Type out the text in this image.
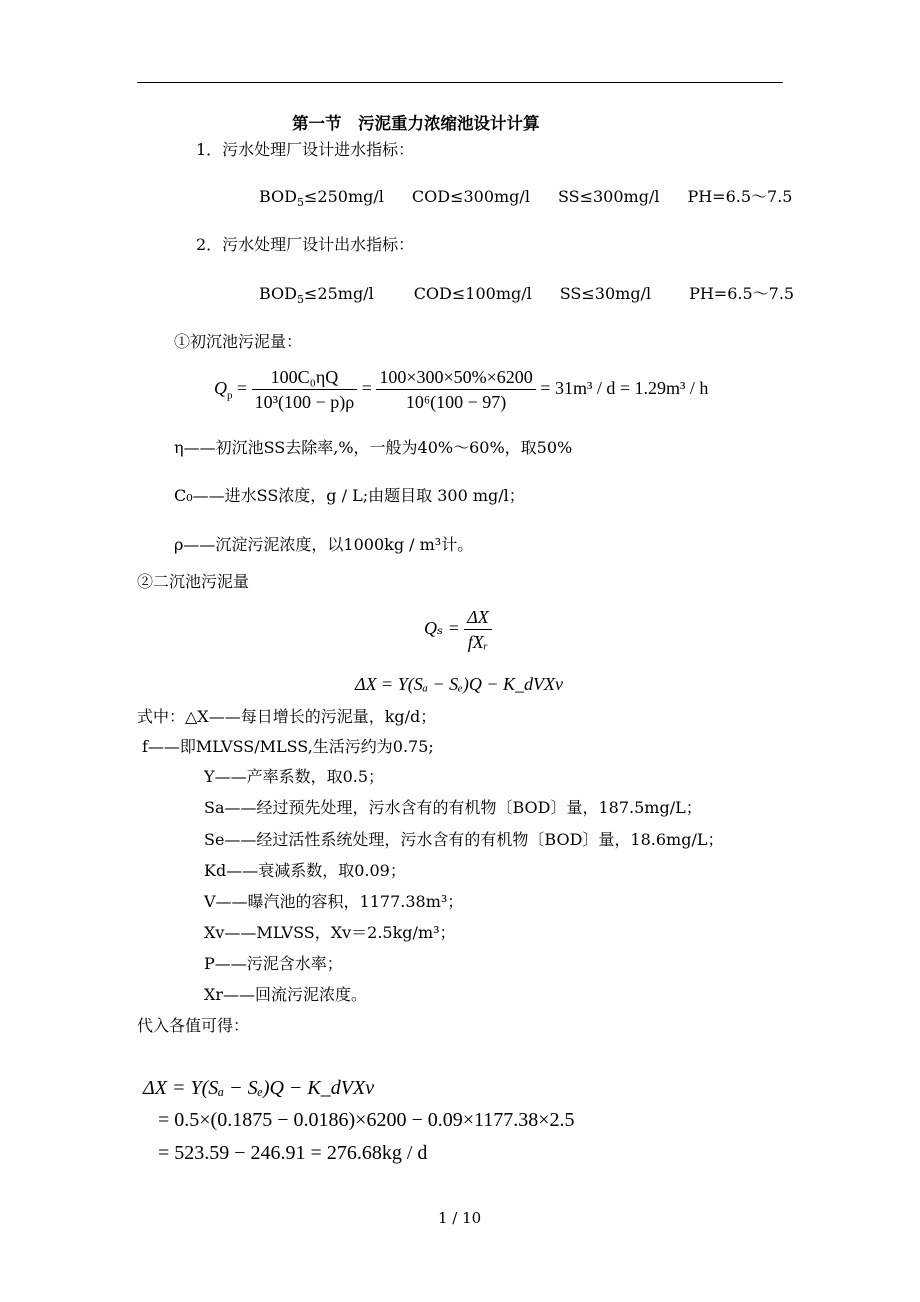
第一节　污泥重力浓缩池设计计算
1．污水处理厂设计进水指标：
$BOD_5\le 250mg/l$ COD≤300mg/l SS≤300mg/l PH=6.5～7.5
2．污水处理厂设计出水指标：
$BOD_5\le 25mg/l$	COD≤100mg/l SS≤30mg/l PH=6.5～7.5
①初沉池污泥量：
$Q_p = \frac{\text{100C₀ηQ}}{\text{10³(100 − p)ρ}} = \frac{100\times 300\times 50\%\times 6200}{\text{10⁶(100 − 97)}} = 31m^3 / d = 1.29m^3 / h$
η——初沉池SS去除率,%，一般为40%～60%，取50%
C₀——进水SS浓度，g / L;由题目取 300 mg/l；
ρ——沉淀污泥浓度，以1000kg / m³计。
②二沉池污泥量
$Q_s = \frac{\Delta X}{\text{fXᵣ}}$
ΔX = Y(Sₐ − Sₑ)Q − K_dVXv
式中：△X——每日增长的污泥量，kg/d；
f——即MLVSS/MLSS,生活污约为0.75;
Y——产率系数，取0.5；
Sa——经过预先处理，污水含有的有机物〔BOD〕量，187.5mg/L；
Se——经过活性系统处理，污水含有的有机物〔BOD〕量，18.6mg/L；
Kd——衰减系数，取0.09；
V——曝汽池的容积，1177.38m³；
Xv——MLVSS，Xv＝2.5kg/m³；
P——污泥含水率；
Xr——回流污泥浓度。
代入各值可得：
ΔX = Y(Sₐ − Sₑ)Q − K_dVXv
= 0.5×(0.1875 − 0.0186)×6200 − 0.09×1177.38×2.5
= 523.59 − 246.91 = 276.68kg / d
1 / 10
